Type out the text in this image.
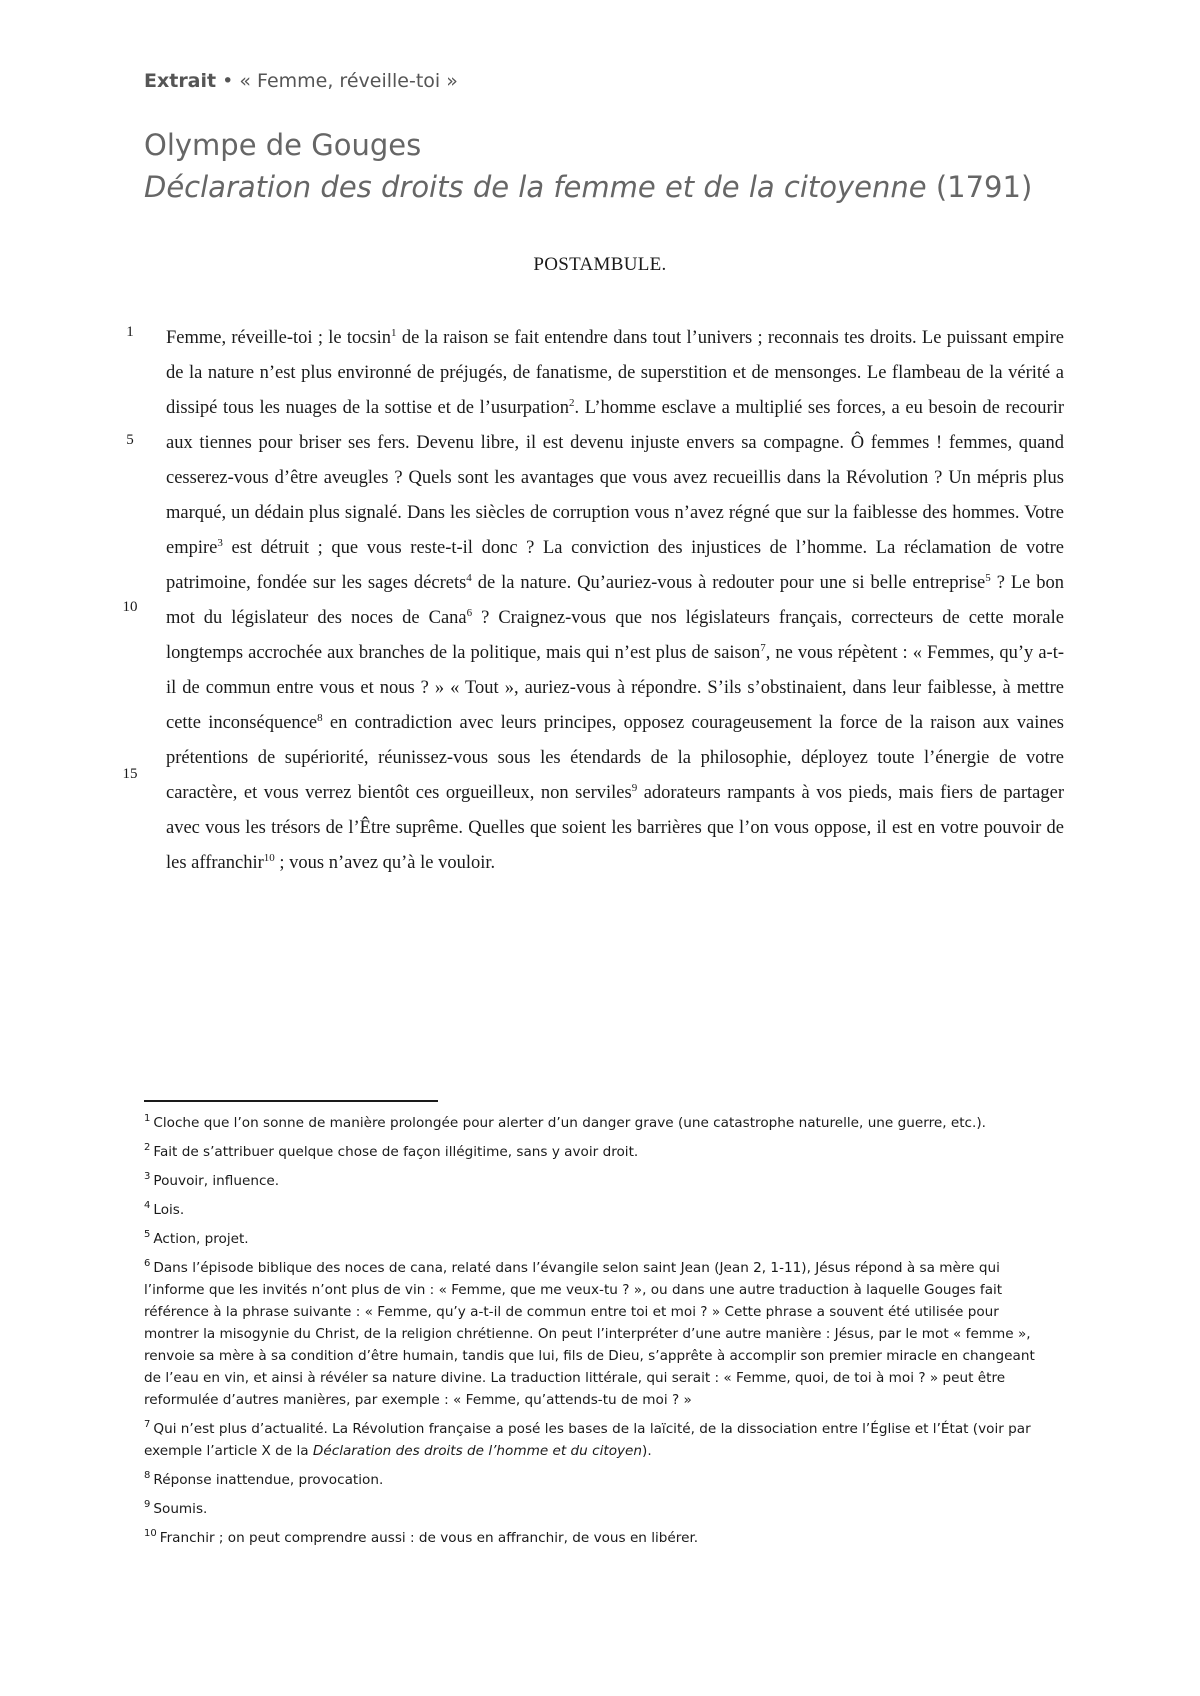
Extrait • « Femme, réveille-toi »
Olympe de Gouges
Déclaration des droits de la femme et de la citoyenne (1791)
POSTAMBULE.
1
5
10
15
Femme, réveille-toi ; le tocsin$^1$ de la raison se fait entendre dans tout l’univers ; reconnais tes droits. Le puissant empire de la nature n’est plus environné de préjugés, de fanatisme, de superstition et de mensonges. Le flambeau de la vérité a dissipé tous les nuages de la sottise et de l’usurpation$^2$. L’homme esclave a multiplié ses forces, a eu besoin de recourir aux tiennes pour briser ses fers. Devenu libre, il est devenu injuste envers sa compagne. Ô femmes ! femmes, quand cesserez-vous d’être aveugles ? Quels sont les avantages que vous avez recueillis dans la Révolution ? Un mépris plus marqué, un dédain plus signalé. Dans les siècles de corruption vous n’avez régné que sur la faiblesse des hommes. Votre empire$^3$ est détruit ; que vous reste-t-il donc ? La conviction des injustices de l’homme. La réclamation de votre patrimoine, fondée sur les sages décrets$^4$ de la nature. Qu’auriez-vous à redouter pour une si belle entreprise$^5$ ? Le bon mot du législateur des noces de Cana$^6$ ? Craignez-vous que nos législateurs français, correcteurs de cette morale longtemps accrochée aux branches de la politique, mais qui n’est plus de saison$^7$, ne vous répètent : « Femmes, qu’y a-t-il de commun entre vous et nous ? » « Tout », auriez-vous à répondre. S’ils s’obstinaient, dans leur faiblesse, à mettre cette inconséquence$^8$ en contradiction avec leurs principes, opposez courageusement la force de la raison aux vaines prétentions de supériorité, réunissez-vous sous les étendards de la philosophie, déployez toute l’énergie de votre caractère, et vous verrez bientôt ces orgueilleux, non serviles$^9$ adorateurs rampants à vos pieds, mais fiers de partager avec vous les trésors de l’Être suprême. Quelles que soient les barrières que l’on vous oppose, il est en votre pouvoir de les affranchir$^{10}$ ; vous n’avez qu’à le vouloir.

$^1$ Cloche que l’on sonne de manière prolongée pour alerter d’un danger grave (une catastrophe naturelle, une guerre, etc.).

$^2$ Fait de s’attribuer quelque chose de façon illégitime, sans y avoir droit.

$^3$ Pouvoir, influence.

$^4$ Lois.

$^5$ Action, projet.

$^6$ Dans l’épisode biblique des noces de cana, relaté dans l’évangile selon saint Jean (Jean 2, 1-11), Jésus répond à sa mère qui l’informe que les invités n’ont plus de vin : « Femme, que me veux-tu ? », ou dans une autre traduction à laquelle Gouges fait référence à la phrase suivante : « Femme, qu’y a-t-il de commun entre toi et moi ? » Cette phrase a souvent été utilisée pour montrer la misogynie du Christ, de la religion chrétienne. On peut l’interpréter d’une autre manière : Jésus, par le mot « femme », renvoie sa mère à sa condition d’être humain, tandis que lui, fils de Dieu, s’apprête à accomplir son premier miracle en changeant de l’eau en vin, et ainsi à révéler sa nature divine. La traduction littérale, qui serait : « Femme, quoi, de toi à moi ? » peut être reformulée d’autres manières, par exemple : « Femme, qu’attends-tu de moi ? »

$^7$ Qui n’est plus d’actualité. La Révolution française a posé les bases de la laïcité, de la dissociation entre l’Église et l’État (voir par exemple l’article X de la Déclaration des droits de l’homme et du citoyen).

$^8$ Réponse inattendue, provocation.

$^9$ Soumis.

$^{10}$ Franchir ; on peut comprendre aussi : de vous en affranchir, de vous en libérer.
